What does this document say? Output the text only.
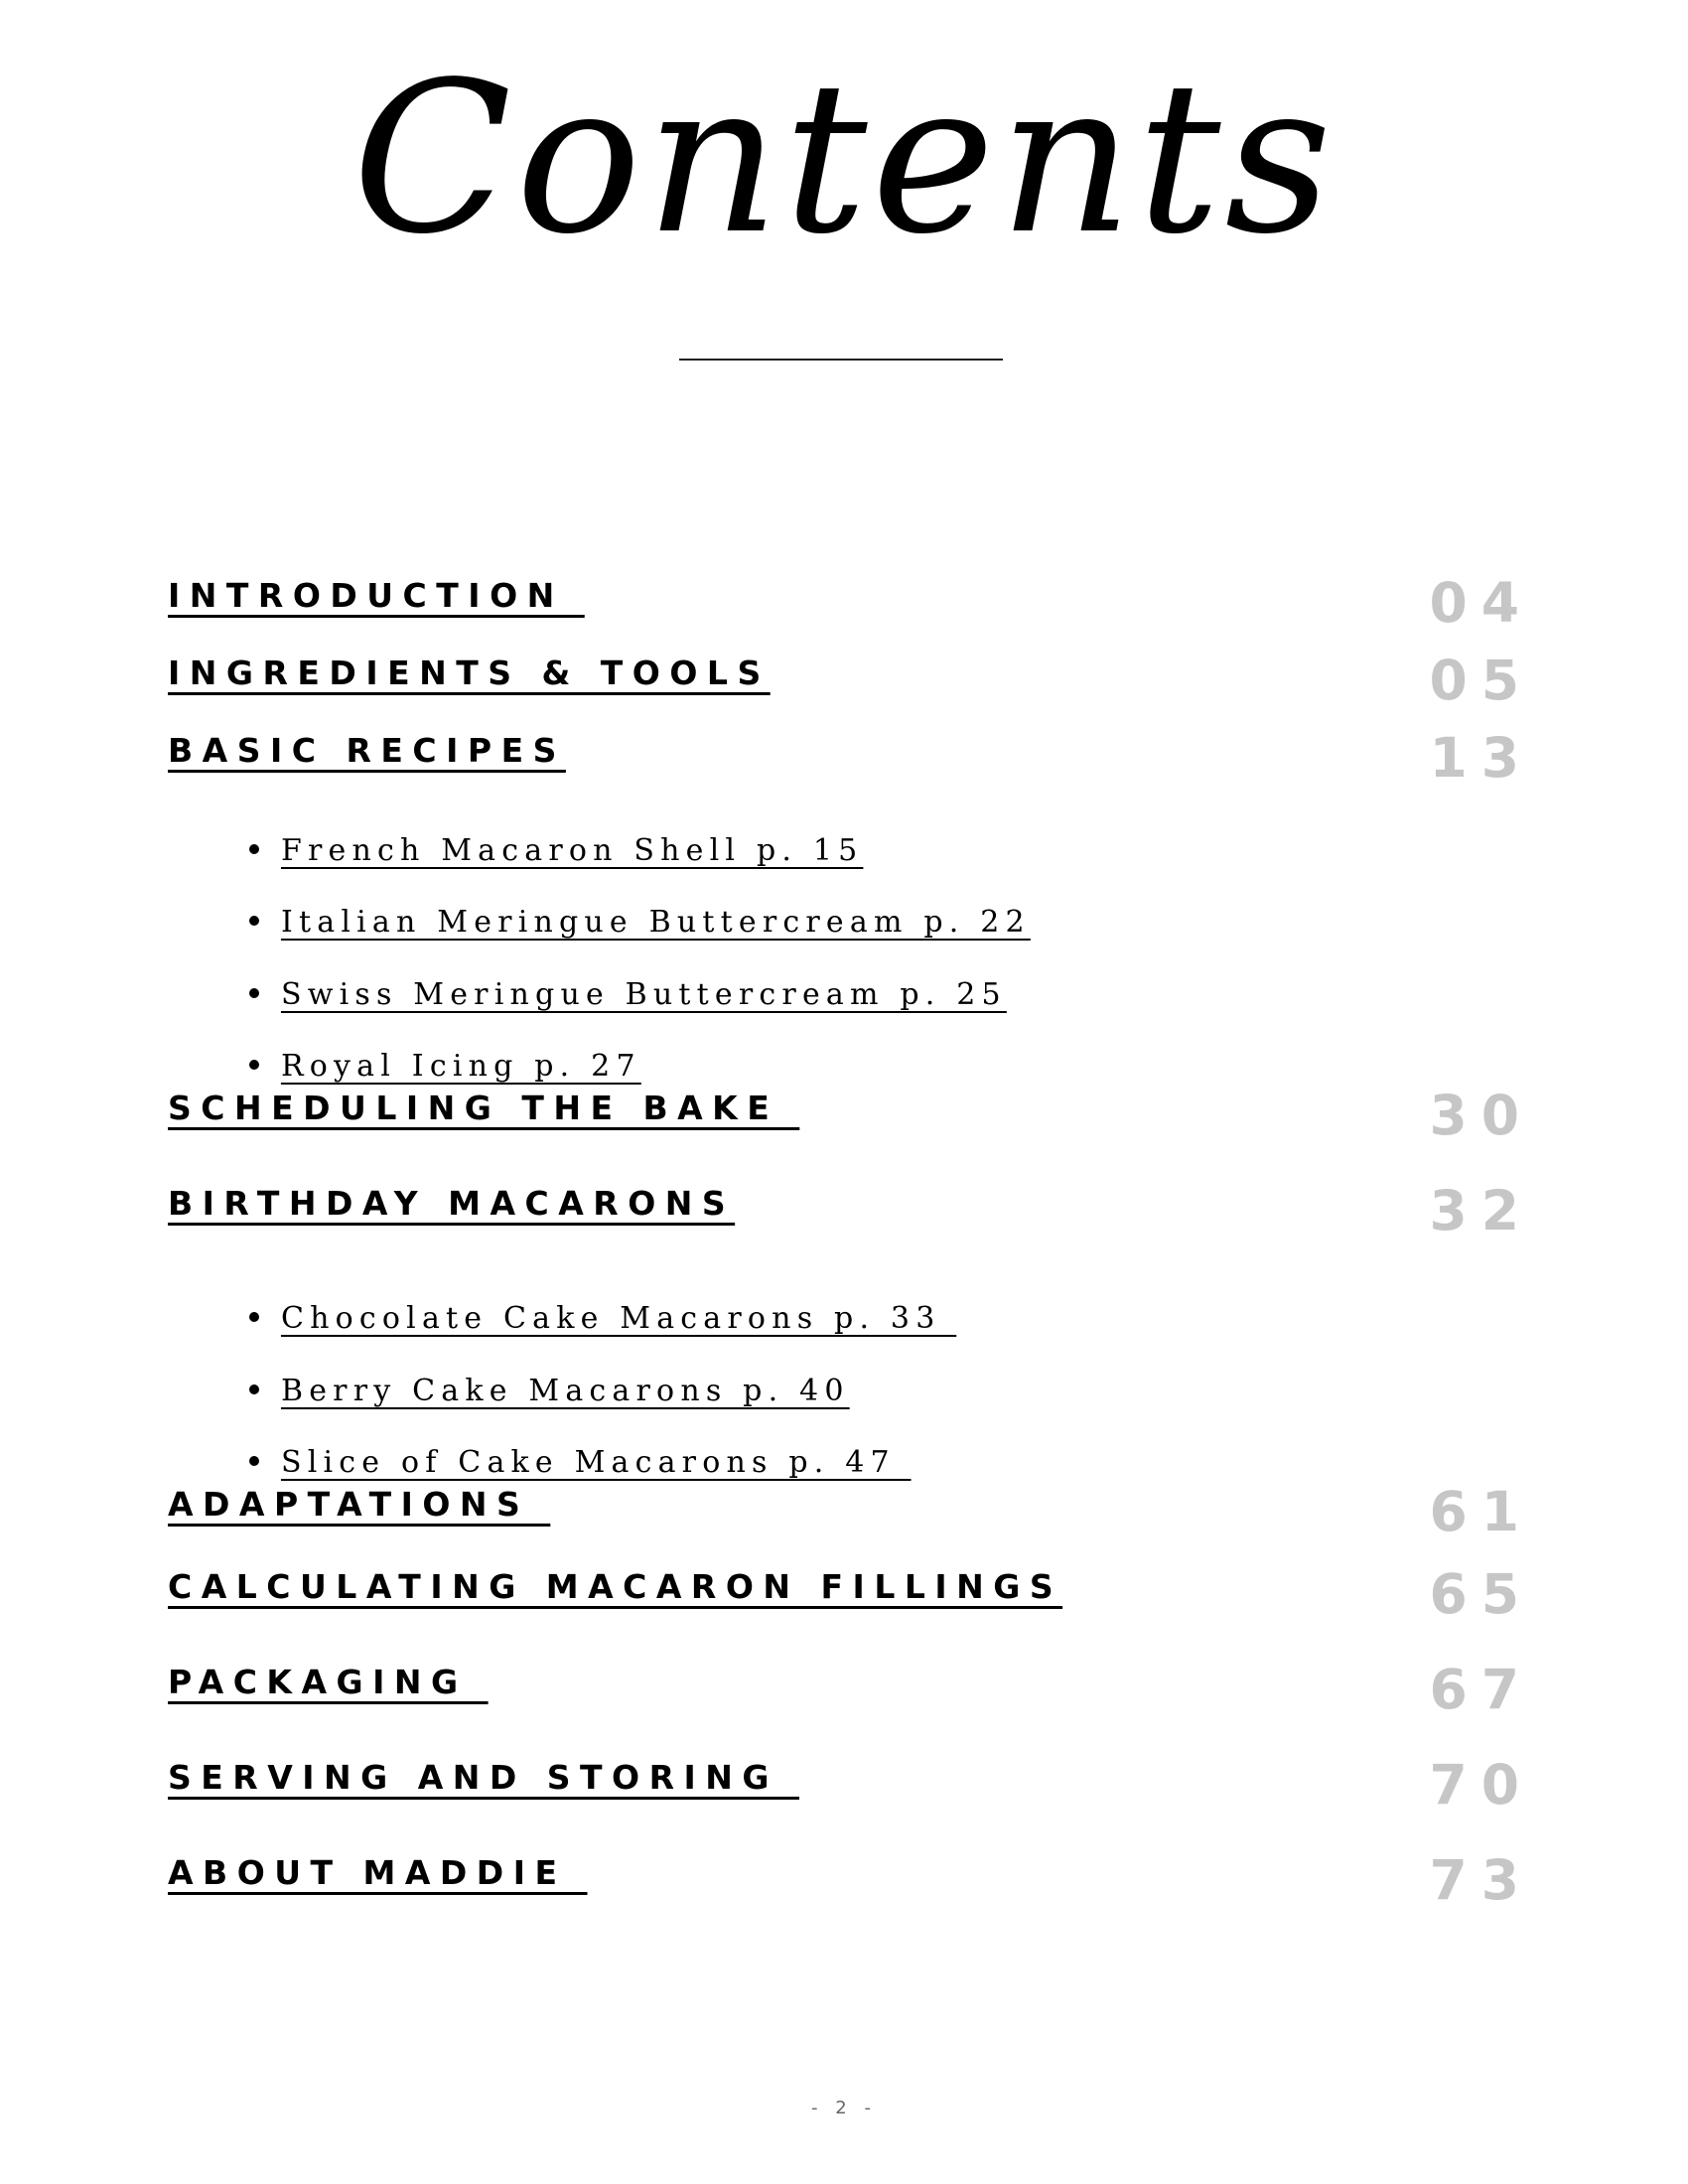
Contents
INTRODUCTION	04
INGREDIENTS & TOOLS	05
BASIC RECIPES	13

French Macaron Shell p. 15

Italian Meringue Buttercream p. 22

Swiss Meringue Buttercream p. 25

Royal Icing p. 27

SCHEDULING THE BAKE	30
BIRTHDAY MACARONS	32

Chocolate Cake Macarons p. 33

Berry Cake Macarons p. 40

Slice of Cake Macarons p. 47

ADAPTATIONS	61
CALCULATING MACARON FILLINGS	65
PACKAGING	67
SERVING AND STORING	70
ABOUT MADDIE	73
- 2 -
